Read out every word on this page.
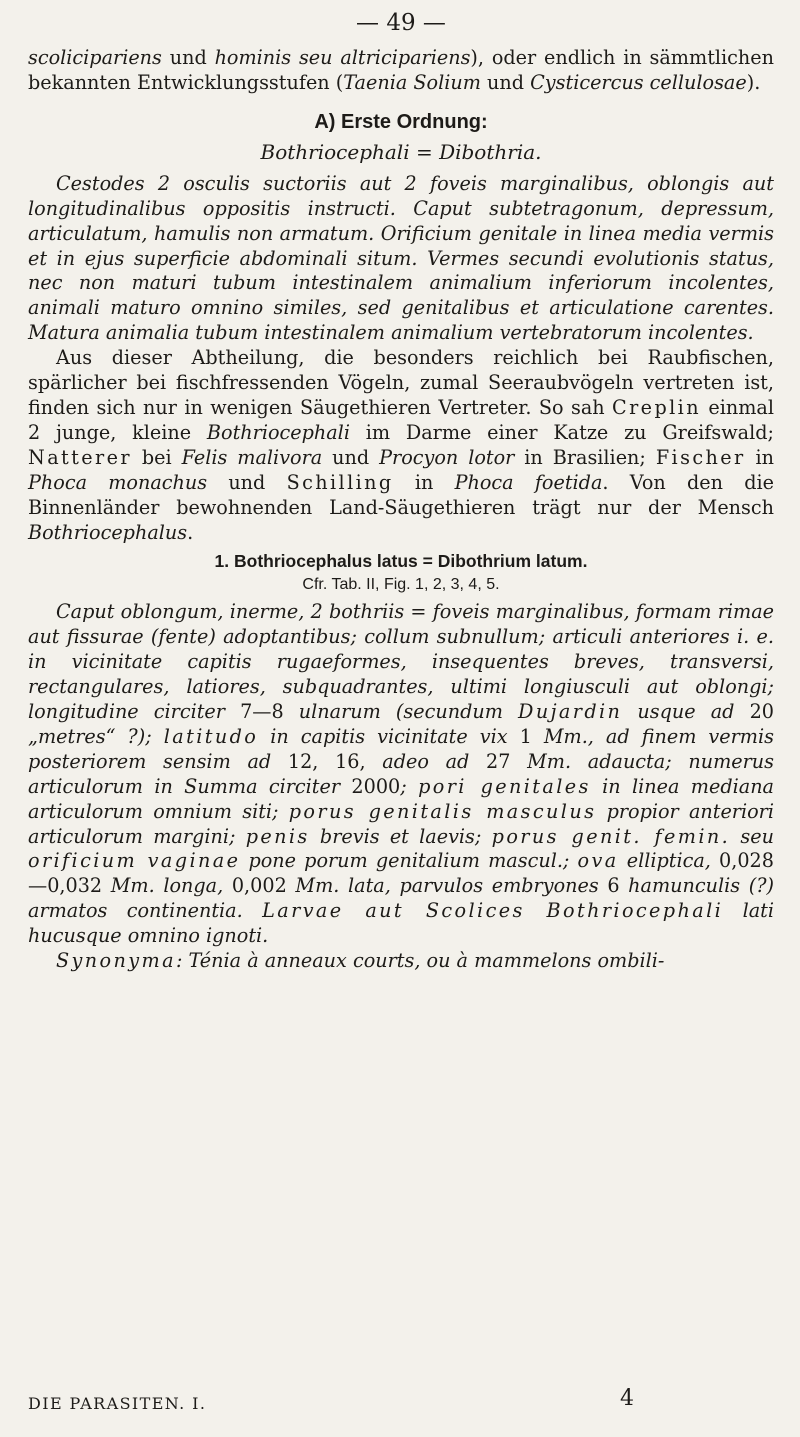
— 49 —

scolicipariens und hominis seu altricipariens), oder endlich in sämmtlichen bekannten Entwicklungsstufen (Taenia Solium und Cysticercus cellulosae).

A) Erste Ordnung:
Bothriocephali = Dibothria.

Cestodes 2 osculis suctoriis aut 2 foveis marginalibus, oblongis aut longitudinalibus oppositis instructi. Caput subtetragonum, depressum, articulatum, hamulis non armatum. Orificium genitale in linea media vermis et in ejus superficie abdominali situm. Vermes secundi evolutionis status, nec non maturi tubum intestinalem animalium inferiorum incolentes, animali maturo omnino similes, sed genitalibus et articulatione carentes. Matura animalia tubum intestinalem animalium vertebratorum incolentes.

Aus dieser Abtheilung, die besonders reichlich bei Raubfischen, spärlicher bei fischfressenden Vögeln, zumal Seeraubvögeln vertreten ist, finden sich nur in wenigen Säugethieren Vertreter. So sah Creplin einmal 2 junge, kleine Bothriocephali im Darme einer Katze zu Greifswald; Natterer bei Felis malivora und Procyon lotor in Brasilien; Fischer in Phoca monachus und Schilling in Phoca foetida. Von den die Binnenländer bewohnenden Land-Säugethieren trägt nur der Mensch Bothriocephalus.

1. Bothriocephalus latus = Dibothrium latum.
Cfr. Tab. II, Fig. 1, 2, 3, 4, 5.

Caput oblongum, inerme, 2 bothriis = foveis marginalibus, formam rimae aut fissurae (fente) adoptantibus; collum subnullum; articuli anteriores i. e. in vicinitate capitis rugaeformes, insequentes breves, transversi, rectangulares, latiores, subquadrantes, ultimi longiusculi aut oblongi; longitudine circiter 7—8 ulnarum (secundum Dujardin usque ad 20 „metres“ ?); latitudo in capitis vicinitate vix 1 Mm., ad finem vermis posteriorem sensim ad 12, 16, adeo ad 27 Mm. adaucta; numerus articulorum in Summa circiter 2000; pori genitales in linea mediana articulorum omnium siti; porus genitalis masculus propior anteriori articulorum margini; penis brevis et laevis; porus genit. femin. seu orificium vaginae pone porum genitalium mascul.; ova elliptica, 0,028—0,032 Mm. longa, 0,002 Mm. lata, parvulos embryones 6 hamunculis (?) armatos continentia. Larvae aut Scolices Bothriocephali lati hucusque omnino ignoti.

Synonyma: Ténia à anneaux courts, ou à mammelons ombili-

DIE PARASITEN. I.	4
